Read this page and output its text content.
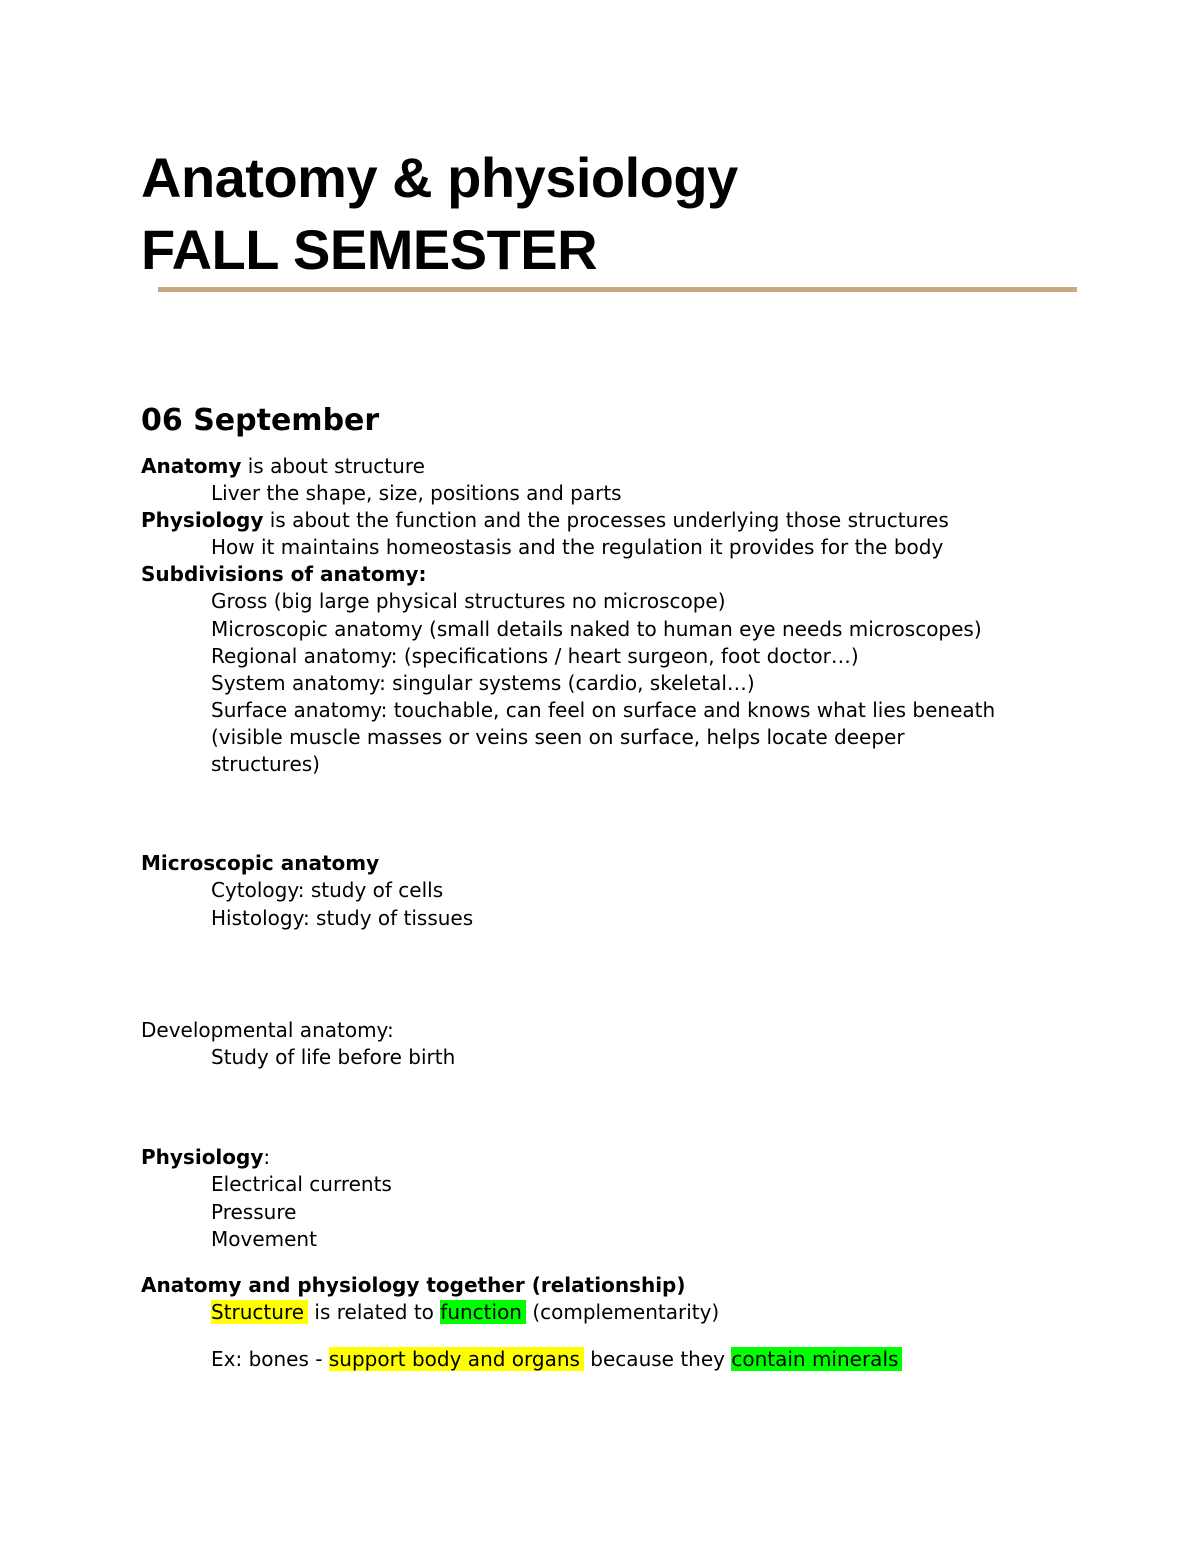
Anatomy & physiology
FALL SEMESTER
06 September
Anatomy is about structure
Liver the shape, size, positions and parts
Physiology is about the function and the processes underlying those structures
How it maintains homeostasis and the regulation it provides for the body
Subdivisions of anatomy:
Gross (big large physical structures no microscope)
Microscopic anatomy (small details naked to human eye needs microscopes)
Regional anatomy: (specifications / heart surgeon, foot doctor…)
System anatomy: singular systems (cardio, skeletal…)
Surface anatomy: touchable, can feel on surface and knows what lies beneath
(visible muscle masses or veins seen on surface, helps locate deeper
structures)
Microscopic anatomy
Cytology: study of cells
Histology: study of tissues
Developmental anatomy:
Study of life before birth
Physiology:
Electrical currents
Pressure
Movement
Anatomy and physiology together (relationship)
Structure is related to function (complementarity)
Ex: bones - support body and organs because they contain minerals
